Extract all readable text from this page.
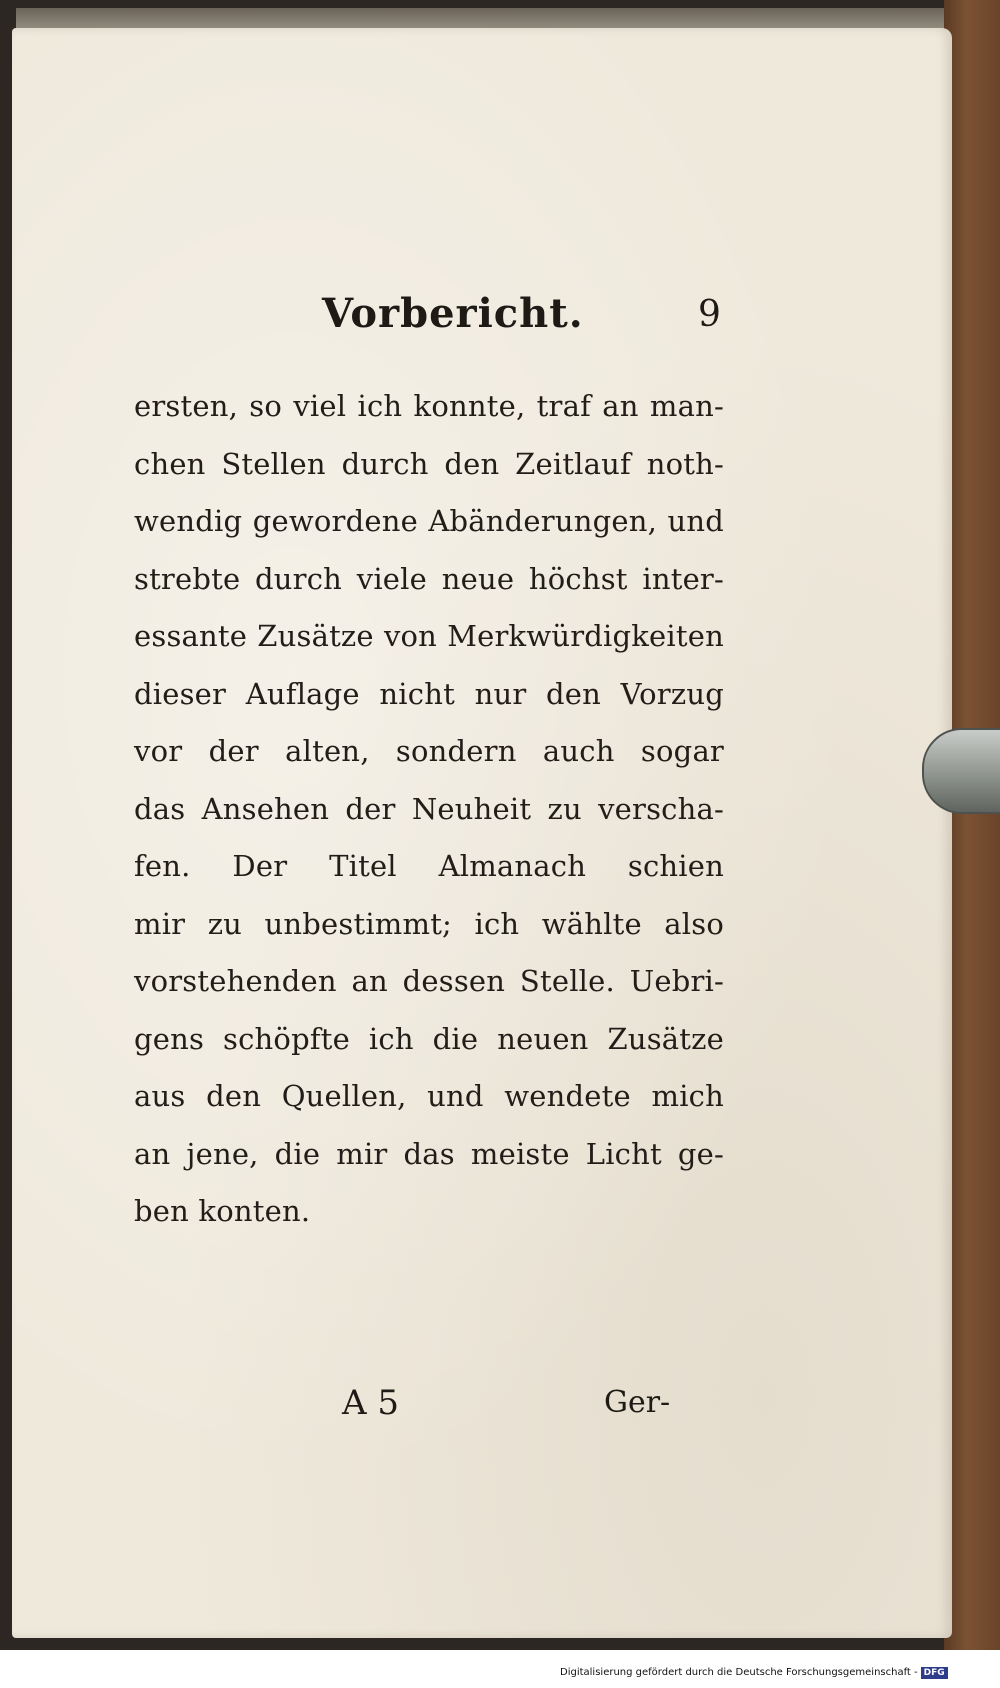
Vorbericht.	9
ersten, so viel ich konnte, traf an man-
chen Stellen durch den Zeitlauf noth-
wendig gewordene Abänderungen, und
strebte durch viele neue höchst inter-
essante Zusätze von Merkwürdigkeiten
dieser Auflage nicht nur den Vorzug
vor der alten, sondern auch sogar
das Ansehen der Neuheit zu verscha-
fen. Der Titel Almanach schien
mir zu unbestimmt; ich wählte also
vorstehenden an dessen Stelle. Uebri-
gens schöpfte ich die neuen Zusätze
aus den Quellen, und wendete mich
an jene, die mir das meiste Licht ge-
ben konten.
A 5	Ger-
Digitalisierung gefördert durch die Deutsche Forschungsgemeinschaft - DFG
